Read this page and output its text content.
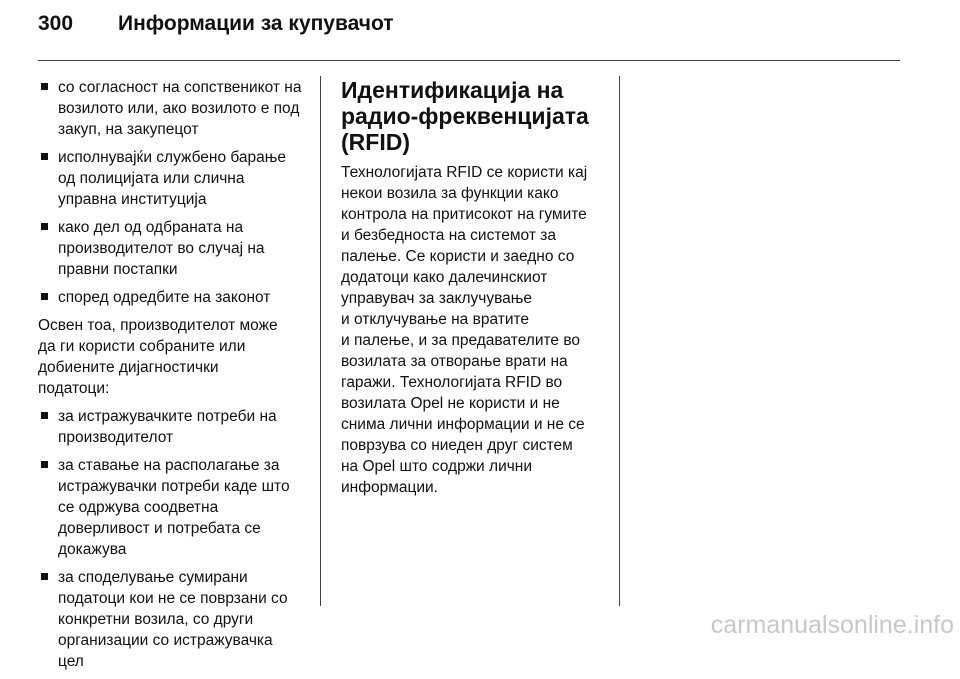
300 Информации за купувачот
со согласност на сопственикот на
возилото или, ако возилото е под
закуп, на закупецот
исполнувајќи службено барање
од полицијата или слична
управна институција
како дел од одбраната на
производителот во случај на
правни постапки
според одредбите на законот
Освен тоа, производителот може
да ги користи собраните или
добиените дијагностички
податоци:
за истражувачките потреби на
производителот
за ставање на располагање за
истражувачки потреби каде што
се одржува соодветна
доверливост и потребата се
докажува
за споделување сумирани
податоци кои не се поврзани со
конкретни возила, со други
организации со истражувачка
цел
Идентификација на
радио-фреквенцијата
(RFID)
Технологијата RFID се користи кај
некои возила за функции како
контрола на притисокот на гумите
и безбедноста на системот за
палење. Се користи и заедно со
додатоци како далечинскиот
управувач за заклучување
и отклучување на вратите
и палење, и за предавателите во
возилата за отворање врати на
гаражи. Технологијата RFID во
возилата Opel не користи и не
снима лични информации и не се
поврзува со ниеден друг систем
на Opel што содржи лични
информации.
carmanualsonline.info
